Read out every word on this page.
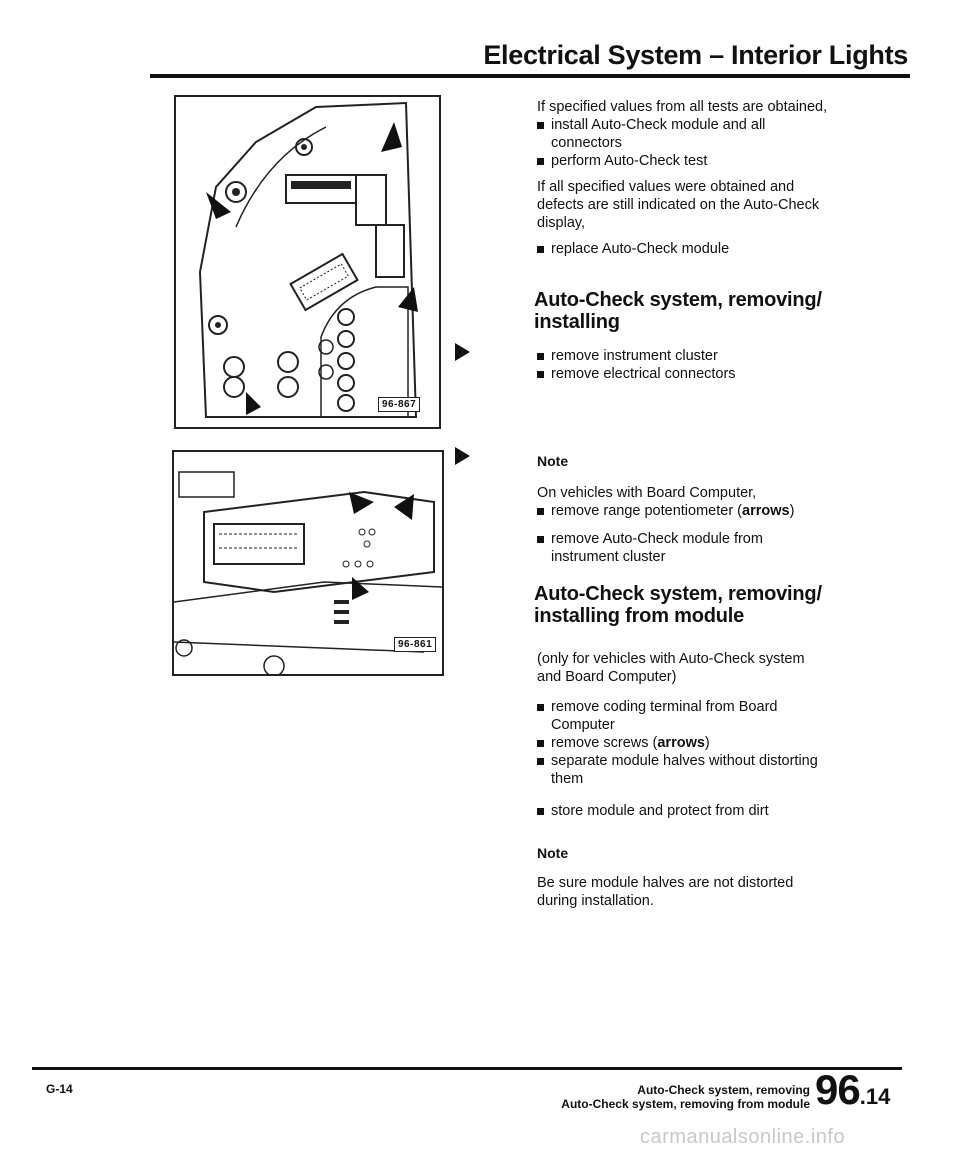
Electrical System – Interior Lights
96-867
96-861

If specified values from all tests are obtained,

install Auto-Check module and all
connectors

perform Auto-Check test

If all specified values were obtained and
defects are still indicated on the Auto-Check
display,

replace Auto-Check module

Auto-Check system, removing/
installing

remove instrument cluster

remove electrical connectors

Note

On vehicles with Board Computer,

remove range potentiometer (arrows)

remove Auto-Check module from
instrument cluster

Auto-Check system, removing/
installing from module

(only for vehicles with Auto-Check system
and Board Computer)

remove coding terminal from Board
Computer

remove screws (arrows)

separate module halves without distorting
them

store module and protect from dirt

Note

Be sure module halves are not distorted
during installation.

G-14	Auto-Check system, removing
Auto-Check system, removing from module 96.14
carmanualsonline.info
